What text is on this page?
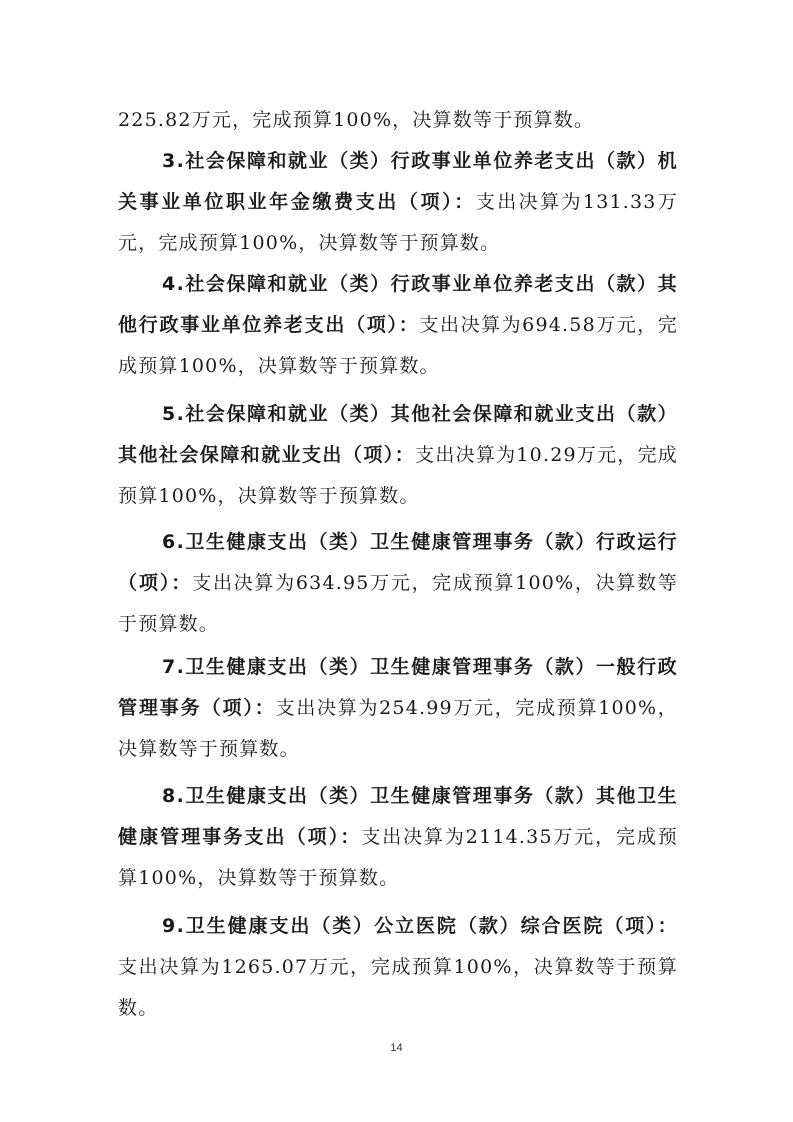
225.82万元，完成预算100%，决算数等于预算数。

3.社会保障和就业（类）行政事业单位养老支出（款）机关事业单位职业年金缴费支出（项）：支出决算为131.33万元，完成预算100%，决算数等于预算数。

4.社会保障和就业（类）行政事业单位养老支出（款）其他行政事业单位养老支出（项）：支出决算为694.58万元，完成预算100%，决算数等于预算数。

5.社会保障和就业（类）其他社会保障和就业支出（款）其他社会保障和就业支出（项）：支出决算为10.29万元，完成预算100%，决算数等于预算数。

6.卫生健康支出（类）卫生健康管理事务（款）行政运行（项）：支出决算为634.95万元，完成预算100%，决算数等于预算数。

7.卫生健康支出（类）卫生健康管理事务（款）一般行政管理事务（项）：支出决算为254.99万元，完成预算100%，决算数等于预算数。

8.卫生健康支出（类）卫生健康管理事务（款）其他卫生健康管理事务支出（项）：支出决算为2114.35万元，完成预算100%，决算数等于预算数。

9.卫生健康支出（类）公立医院（款）综合医院（项）：支出决算为1265.07万元，完成预算100%，决算数等于预算数。

14
